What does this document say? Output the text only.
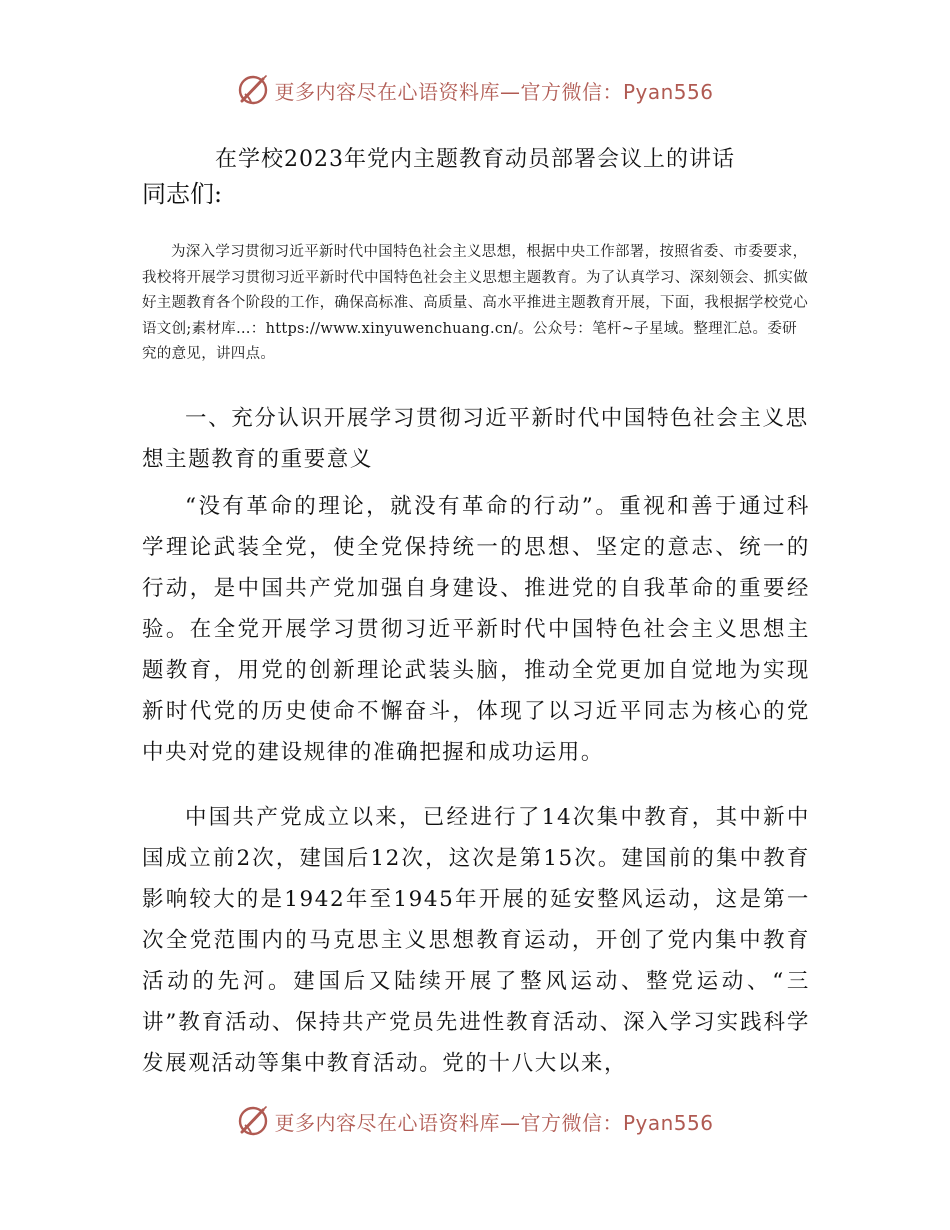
更多内容尽在心语资料库—官方微信：Pyan556
在学校2023年党内主题教育动员部署会议上的讲话

同志们:

为深入学习贯彻习近平新时代中国特色社会主义思想，根据中央工作部署，按照省委、市委要求，我校将开展学习贯彻习近平新时代中国特色社会主义思想主题教育。为了认真学习、深刻领会、抓实做好主题教育各个阶段的工作，确保高标准、高质量、高水平推进主题教育开展，下面，我根据学校党心语文创;素材库…：https://www.xinyuwenchuang.cn/。公众号：笔杆~子星域。整理汇总。委研究的意见，讲四点。

一、充分认识开展学习贯彻习近平新时代中国特色社会主义思想主题教育的重要意义

“没有革命的理论，就没有革命的行动”。重视和善于通过科学理论武装全党，使全党保持统一的思想、坚定的意志、统一的行动，是中国共产党加强自身建设、推进党的自我革命的重要经验。在全党开展学习贯彻习近平新时代中国特色社会主义思想主题教育，用党的创新理论武装头脑，推动全党更加自觉地为实现新时代党的历史使命不懈奋斗，体现了以习近平同志为核心的党中央对党的建设规律的准确把握和成功运用。

中国共产党成立以来，已经进行了14次集中教育，其中新中国成立前2次，建国后12次，这次是第15次。建国前的集中教育影响较大的是1942年至1945年开展的延安整风运动，这是第一次全党范围内的马克思主义思想教育运动，开创了党内集中教育活动的先河。建国后又陆续开展了整风运动、整党运动、“三讲”教育活动、保持共产党员先进性教育活动、深入学习实践科学发展观活动等集中教育活动。党的十八大以来，

更多内容尽在心语资料库—官方微信：Pyan556
